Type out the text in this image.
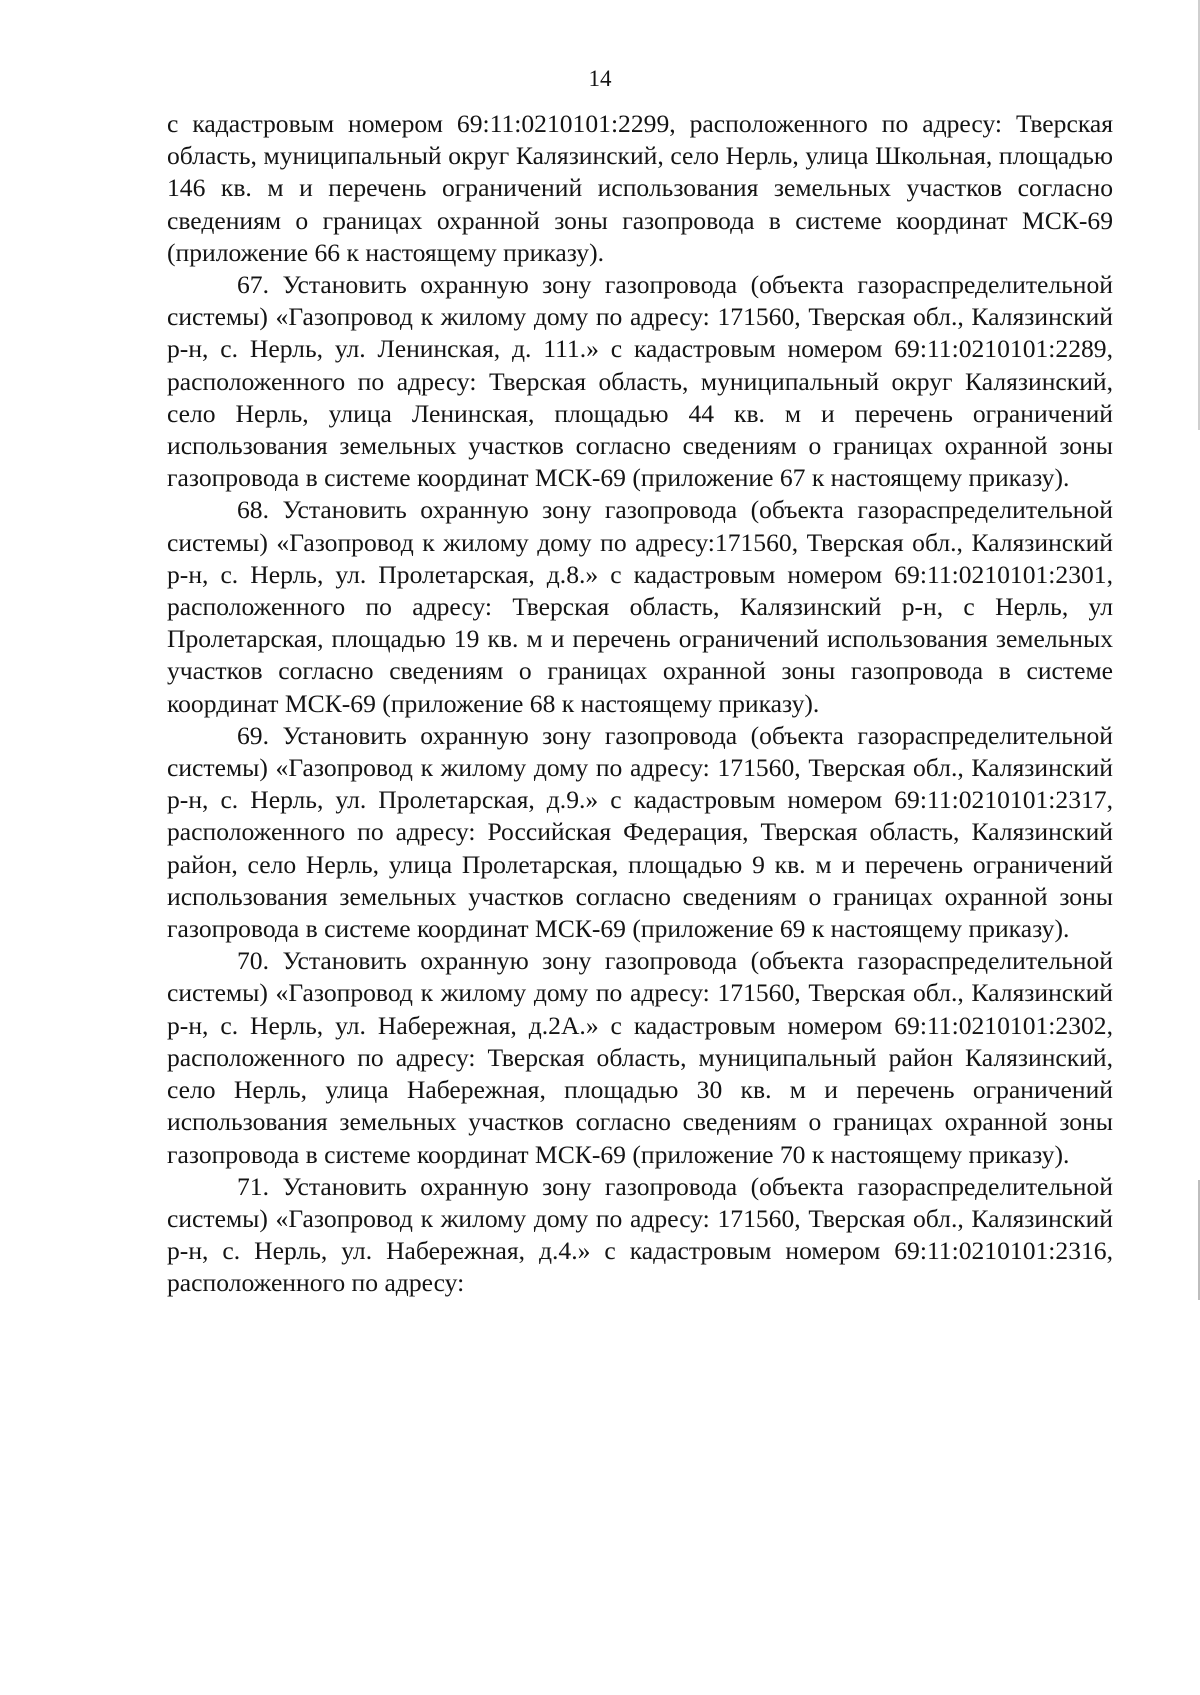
14

с кадастровым номером 69:11:0210101:2299, расположенного по адресу: Тверская область, муниципальный округ Калязинский, село Нерль, улица Школьная, площадью 146 кв. м и перечень ограничений использования земельных участков согласно сведениям о границах охранной зоны газопровода в системе координат МСК-69 (приложение 66 к настоящему приказу).

67. Установить охранную зону газопровода (объекта газораспределительной системы) «Газопровод к жилому дому по адресу: 171560, Тверская обл., Калязинский р-н, с. Нерль, ул. Ленинская, д. 111.» с кадастровым номером 69:11:0210101:2289, расположенного по адресу: Тверская область, муниципальный округ Калязинский, село Нерль, улица Ленинская, площадью 44 кв. м и перечень ограничений использования земельных участков согласно сведениям о границах охранной зоны газопровода в системе координат МСК-69 (приложение 67 к настоящему приказу).

68. Установить охранную зону газопровода (объекта газораспределительной системы) «Газопровод к жилому дому по адресу:171560, Тверская обл., Калязинский р-н, с. Нерль, ул. Пролетарская, д.8.» с кадастровым номером 69:11:0210101:2301, расположенного по адресу: Тверская область, Калязинский р-н, с Нерль, ул Пролетарская, площадью 19 кв. м и перечень ограничений использования земельных участков согласно сведениям о границах охранной зоны газопровода в системе координат МСК-69 (приложение 68 к настоящему приказу).

69. Установить охранную зону газопровода (объекта газораспределительной системы) «Газопровод к жилому дому по адресу: 171560, Тверская обл., Калязинский р-н, с. Нерль, ул. Пролетарская, д.9.» с кадастровым номером 69:11:0210101:2317, расположенного по адресу: Российская Федерация, Тверская область, Калязинский район, село Нерль, улица Пролетарская, площадью 9 кв. м и перечень ограничений использования земельных участков согласно сведениям о границах охранной зоны газопровода в системе координат МСК-69 (приложение 69 к настоящему приказу).

70. Установить охранную зону газопровода (объекта газораспределительной системы) «Газопровод к жилому дому по адресу: 171560, Тверская обл., Калязинский р-н, с. Нерль, ул. Набережная, д.2А.» с кадастровым номером 69:11:0210101:2302, расположенного по адресу: Тверская область, муниципальный район Калязинский, село Нерль, улица Набережная, площадью 30 кв. м и перечень ограничений использования земельных участков согласно сведениям о границах охранной зоны газопровода в системе координат МСК-69 (приложение 70 к настоящему приказу).

71. Установить охранную зону газопровода (объекта газораспределительной системы) «Газопровод к жилому дому по адресу: 171560, Тверская обл., Калязинский р-н, с. Нерль, ул. Набережная, д.4.» с кадастровым номером 69:11:0210101:2316, расположенного по адресу:
